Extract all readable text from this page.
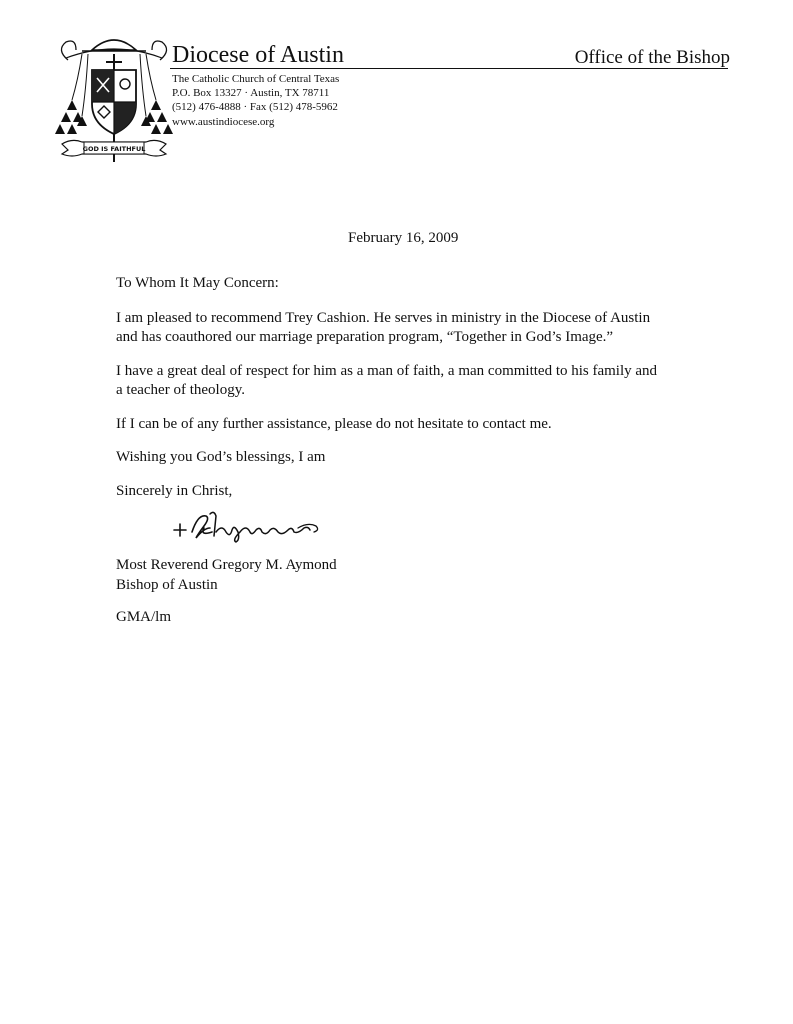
GOD IS FAITHFUL
Diocese of Austin	Office of the Bishop
The Catholic Church of Central Texas
P.O. Box 13327 · Austin, TX 78711
(512) 476-4888 · Fax (512) 478-5962
www.austindiocese.org
February 16, 2009

To Whom It May Concern:

I am pleased to recommend Trey Cashion. He serves in ministry in the Diocese of Austin
and has coauthored our marriage preparation program, “Together in God’s Image.”

I have a great deal of respect for him as a man of faith, a man committed to his family and
a teacher of theology.

If I can be of any further assistance, please do not hesitate to contact me.

Wishing you God’s blessings, I am

Sincerely in Christ,

Most Reverend Gregory M. Aymond
Bishop of Austin
GMA/lm
